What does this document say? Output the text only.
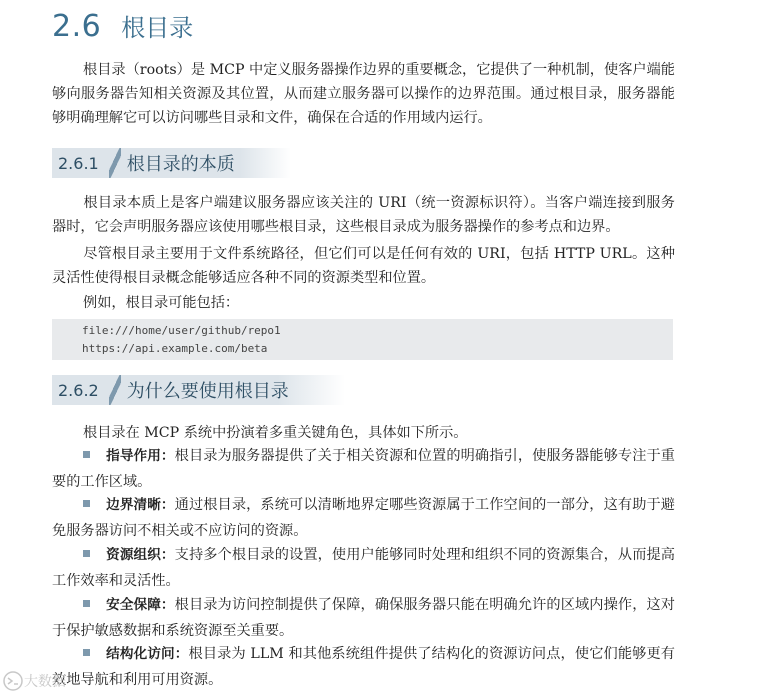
2.6 根目录
根目录（roots）是 MCP 中定义服务器操作边界的重要概念，它提供了一种机制，使客户端能够向服务器告知相关资源及其位置，从而建立服务器可以操作的边界范围。通过根目录，服务器能够明确理解它可以访问哪些目录和文件，确保在合适的作用域内运行。
2.6.1	根目录的本质
根目录本质上是客户端建议服务器应该关注的 URI（统一资源标识符）。当客户端连接到服务器时，它会声明服务器应该使用哪些根目录，这些根目录成为服务器操作的参考点和边界。
尽管根目录主要用于文件系统路径，但它们可以是任何有效的 URI，包括 HTTP URL。这种灵活性使得根目录概念能够适应各种不同的资源类型和位置。
例如，根目录可能包括：
file:///home/user/github/repo1
https://api.example.com/beta
2.6.2	为什么要使用根目录
根目录在 MCP 系统中扮演着多重关键角色，具体如下所示。
指导作用：根目录为服务器提供了关于相关资源和位置的明确指引，使服务器能够专注于重要的工作区域。
边界清晰：通过根目录，系统可以清晰地界定哪些资源属于工作空间的一部分，这有助于避免服务器访问不相关或不应访问的资源。
资源组织：支持多个根目录的设置，使用户能够同时处理和组织不同的资源集合，从而提高工作效率和灵活性。
安全保障：根目录为访问控制提供了保障，确保服务器只能在明确允许的区域内操作，这对于保护敏感数据和系统资源至关重要。
结构化访问：根目录为 LLM 和其他系统组件提供了结构化的资源访问点，使它们能够更有效地导航和利用可用资源。
大数据
